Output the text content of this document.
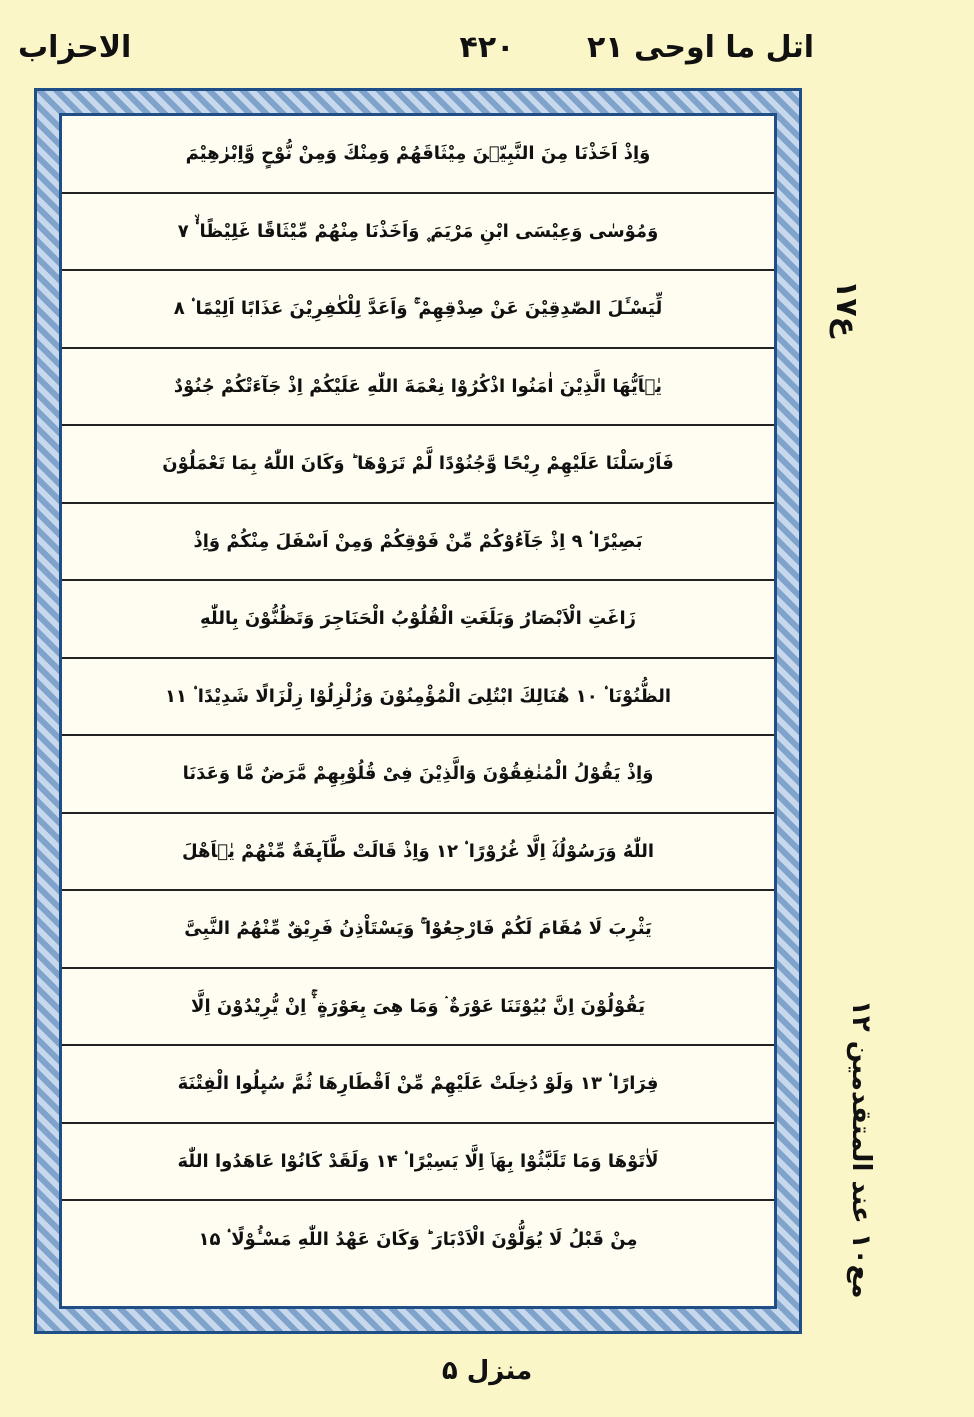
اتل ما اوحی ۲۱
۴۲۰
الاحزاب
وَاِذْ اَخَذْنَا مِنَ النَّبِیّٖنَ مِیْثَاقَهُمْ وَمِنْكَ وَمِنْ نُّوْحٍ وَّاِبْرٰهِیْمَ
وَمُوْسٰى وَعِیْسَى ابْنِ مَرْیَمَ ۪ وَاَخَذْنَا مِنْهُمْ مِّیْثَاقًا غَلِیْظًا ۟ۙ ۷
لِّیَسْـَٔلَ الصّٰدِقِیْنَ عَنْ صِدْقِهِمْ ۚ وَاَعَدَّ لِلْكٰفِرِیْنَ عَذَابًا اَلِیْمًا ۟ ۸
یٰۤاَیُّهَا الَّذِیْنَ اٰمَنُوا اذْكُرُوْا نِعْمَةَ اللّٰهِ عَلَیْكُمْ اِذْ جَآءَتْكُمْ جُنُوْدٌ
فَاَرْسَلْنَا عَلَیْهِمْ رِیْحًا وَّجُنُوْدًا لَّمْ تَرَوْهَا ؕ وَكَانَ اللّٰهُ بِمَا تَعْمَلُوْنَ
بَصِیْرًا ۟ ۹ اِذْ جَآءُوْكُمْ مِّنْ فَوْقِكُمْ وَمِنْ اَسْفَلَ مِنْكُمْ وَاِذْ
زَاغَتِ الْاَبْصَارُ وَبَلَغَتِ الْقُلُوْبُ الْحَنَاجِرَ وَتَظُنُّوْنَ بِاللّٰهِ
الظُّنُوْنَا ۟ ۱۰ هُنَالِكَ ابْتُلِیَ الْمُؤْمِنُوْنَ وَزُلْزِلُوْا زِلْزَالًا شَدِیْدًا ۟ ۱۱
وَاِذْ یَقُوْلُ الْمُنٰفِقُوْنَ وَالَّذِیْنَ فِیْ قُلُوْبِهِمْ مَّرَضٌ مَّا وَعَدَنَا
اللّٰهُ وَرَسُوْلُهٗۤ اِلَّا غُرُوْرًا ۟ ۱۲ وَاِذْ قَالَتْ طَّآىِٕفَةٌ مِّنْهُمْ یٰۤاَهْلَ
یَثْرِبَ لَا مُقَامَ لَكُمْ فَارْجِعُوْا ۚ وَیَسْتَاْذِنُ فَرِیْقٌ مِّنْهُمُ النَّبِیَّ
یَقُوْلُوْنَ اِنَّ بُیُوْتَنَا عَوْرَةٌ ۛ وَمَا هِیَ بِعَوْرَةٍ ۛۚ اِنْ یُّرِیْدُوْنَ اِلَّا
فِرَارًا ۟ ۱۳ وَلَوْ دُخِلَتْ عَلَیْهِمْ مِّنْ اَقْطَارِهَا ثُمَّ سُىِٕلُوا الْفِتْنَةَ
لَاٰتَوْهَا وَمَا تَلَبَّثُوْا بِهَاۤ اِلَّا یَسِیْرًا ۟ ۱۴ وَلَقَدْ كَانُوْا عَاهَدُوا اللّٰهَ
مِنْ قَبْلُ لَا یُوَلُّوْنَ الْاَدْبَارَ ؕ وَكَانَ عَهْدُ اللّٰهِ مَسْـُٔوْلًا ۟ ۱۵
ع۱۷
مع۱۰ عند المتقدمین ۱۲
منزل ۵
